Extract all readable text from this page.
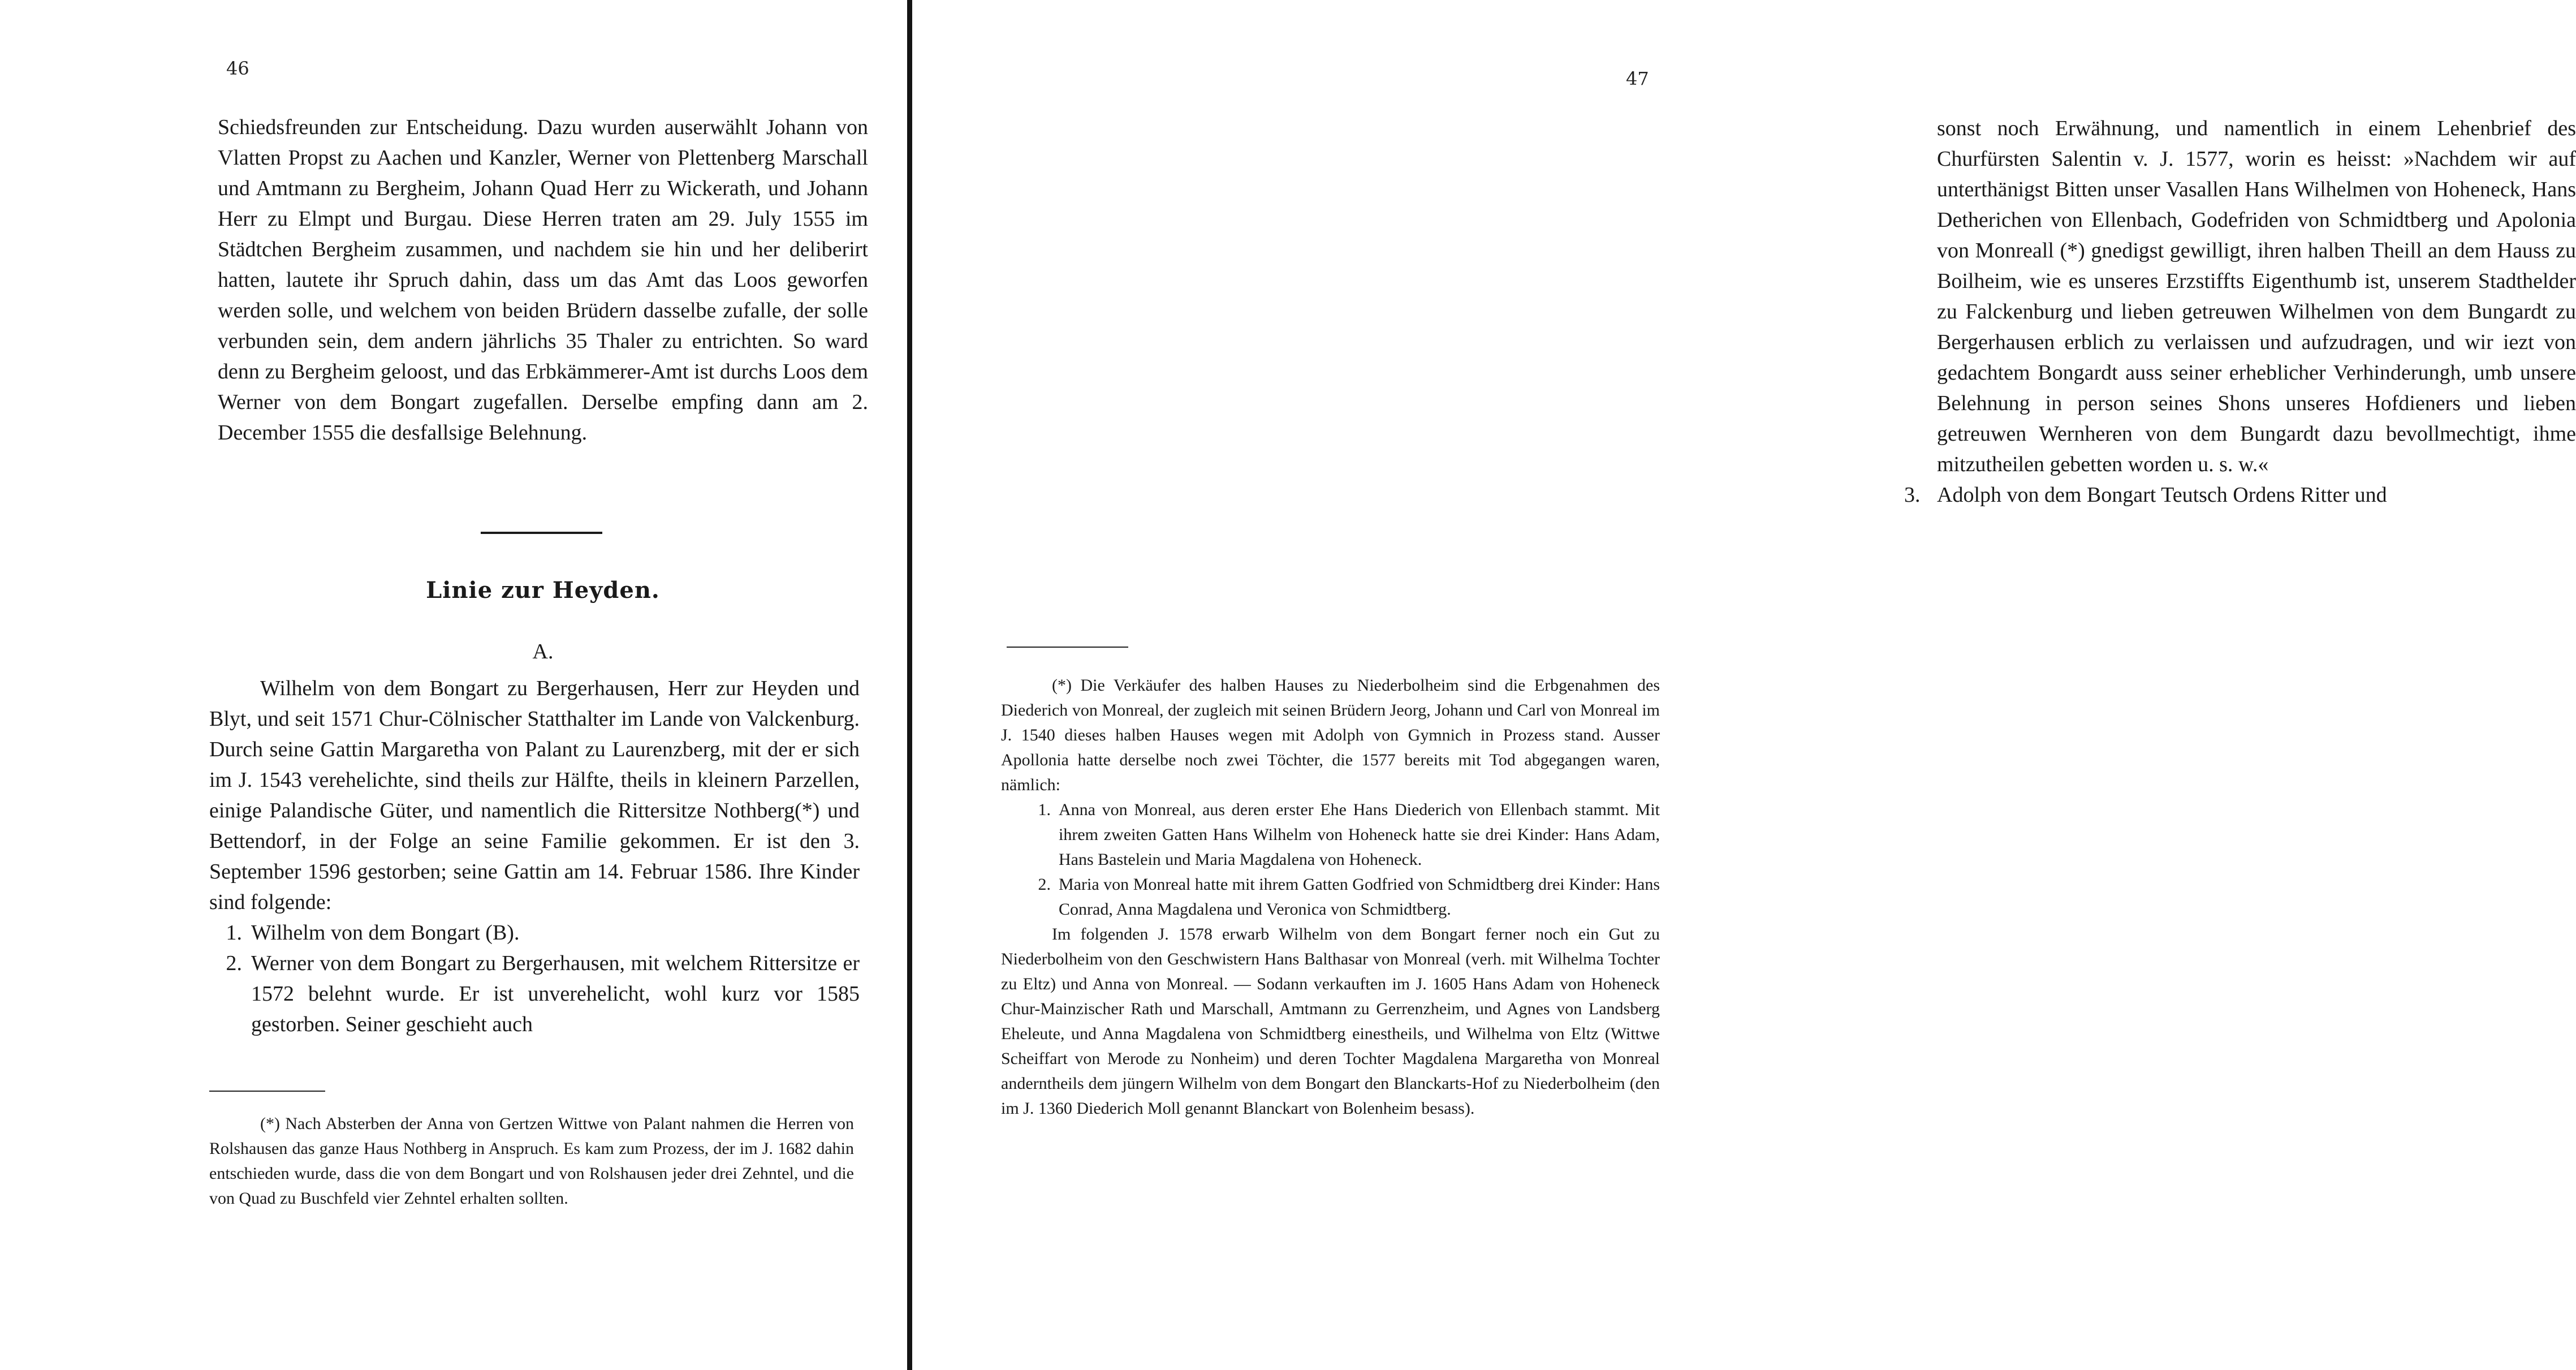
46

Schiedsfreunden zur Entscheidung. Dazu wurden auserwählt Johann von Vlatten Propst zu Aachen und Kanzler, Werner von Plettenberg Marschall und Amtmann zu Bergheim, Johann Quad Herr zu Wickerath, und Johann Herr zu Elmpt und Burgau. Diese Herren traten am 29. July 1555 im Städtchen Bergheim zusammen, und nachdem sie hin und her deliberirt hatten, lautete ihr Spruch dahin, dass um das Amt das Loos geworfen werden solle, und welchem von beiden Brüdern dasselbe zufalle, der solle verbunden sein, dem andern jährlichs 35 Thaler zu entrichten. So ward denn zu Bergheim geloost, und das Erbkämmerer-Amt ist durchs Loos dem Werner von dem Bongart zugefallen. Derselbe empfing dann am 2. December 1555 die desfallsige Belehnung.

Linie zur Heyden.
A.

Wilhelm von dem Bongart zu Bergerhausen, Herr zur Heyden und Blyt, und seit 1571 Chur-Cölnischer Statthalter im Lande von Valckenburg. Durch seine Gattin Margaretha von Palant zu Laurenzberg, mit der er sich im J. 1543 verehelichte, sind theils zur Hälfte, theils in kleinern Parzellen, einige Palandische Güter, und namentlich die Rittersitze Nothberg(*) und Bettendorf, in der Folge an seine Familie gekommen. Er ist den 3. September 1596 gestorben; seine Gattin am 14. Februar 1586. Ihre Kinder sind folgende:

1. Wilhelm von dem Bongart (B).
2. Werner von dem Bongart zu Bergerhausen, mit welchem Rittersitze er 1572 belehnt wurde. Er ist unverehelicht, wohl kurz vor 1585 gestorben. Seiner geschieht auch

(*) Nach Absterben der Anna von Gertzen Wittwe von Palant nahmen die Herren von Rolshausen das ganze Haus Nothberg in Anspruch. Es kam zum Prozess, der im J. 1682 dahin entschieden wurde, dass die von dem Bongart und von Rolshausen jeder drei Zehntel, und die von Quad zu Buschfeld vier Zehntel erhalten sollten.

47

sonst noch Erwähnung, und namentlich in einem Lehenbrief des Churfürsten Salentin v. J. 1577, worin es heisst: »Nachdem wir auf unterthänigst Bitten unser Vasallen Hans Wilhelmen von Hoheneck, Hans Detherichen von Ellenbach, Godefriden von Schmidtberg und Apolonia von Monreall (*) gnedigst gewilligt, ihren halben Theill an dem Hauss zu Boilheim, wie es unseres Erzstiffts Eigenthumb ist, unserem Stadthelder zu Falckenburg und lieben getreuwen Wilhelmen von dem Bungardt zu Bergerhausen erblich zu verlaissen und aufzudragen, und wir iezt von gedachtem Bongardt auss seiner erheblicher Verhinderungh, umb unsere Belehnung in person seines Shons unseres Hofdieners und lieben getreuwen Wernheren von dem Bungardt dazu bevollmechtigt, ihme mitzutheilen gebetten worden u. s. w.«

3. Adolph von dem Bongart Teutsch Ordens Ritter und

(*) Die Verkäufer des halben Hauses zu Niederbolheim sind die Erbgenahmen des Diederich von Monreal, der zugleich mit seinen Brüdern Jeorg, Johann und Carl von Monreal im J. 1540 dieses halben Hauses wegen mit Adolph von Gymnich in Prozess stand. Ausser Apollonia hatte derselbe noch zwei Töchter, die 1577 bereits mit Tod abgegangen waren, nämlich:

1. Anna von Monreal, aus deren erster Ehe Hans Diederich von Ellenbach stammt. Mit ihrem zweiten Gatten Hans Wilhelm von Hoheneck hatte sie drei Kinder: Hans Adam, Hans Bastelein und Maria Magdalena von Hoheneck.
2. Maria von Monreal hatte mit ihrem Gatten Godfried von Schmidtberg drei Kinder: Hans Conrad, Anna Magdalena und Veronica von Schmidtberg.

Im folgenden J. 1578 erwarb Wilhelm von dem Bongart ferner noch ein Gut zu Niederbolheim von den Geschwistern Hans Balthasar von Monreal (verh. mit Wilhelma Tochter zu Eltz) und Anna von Monreal. — Sodann verkauften im J. 1605 Hans Adam von Hoheneck Chur-Mainzischer Rath und Marschall, Amtmann zu Gerrenzheim, und Agnes von Landsberg Eheleute, und Anna Magdalena von Schmidtberg einestheils, und Wilhelma von Eltz (Wittwe Scheiffart von Merode zu Nonheim) und deren Tochter Magdalena Margaretha von Monreal anderntheils dem jüngern Wilhelm von dem Bongart den Blanckarts-Hof zu Niederbolheim (den im J. 1360 Diederich Moll genannt Blanckart von Bolenheim besass).
